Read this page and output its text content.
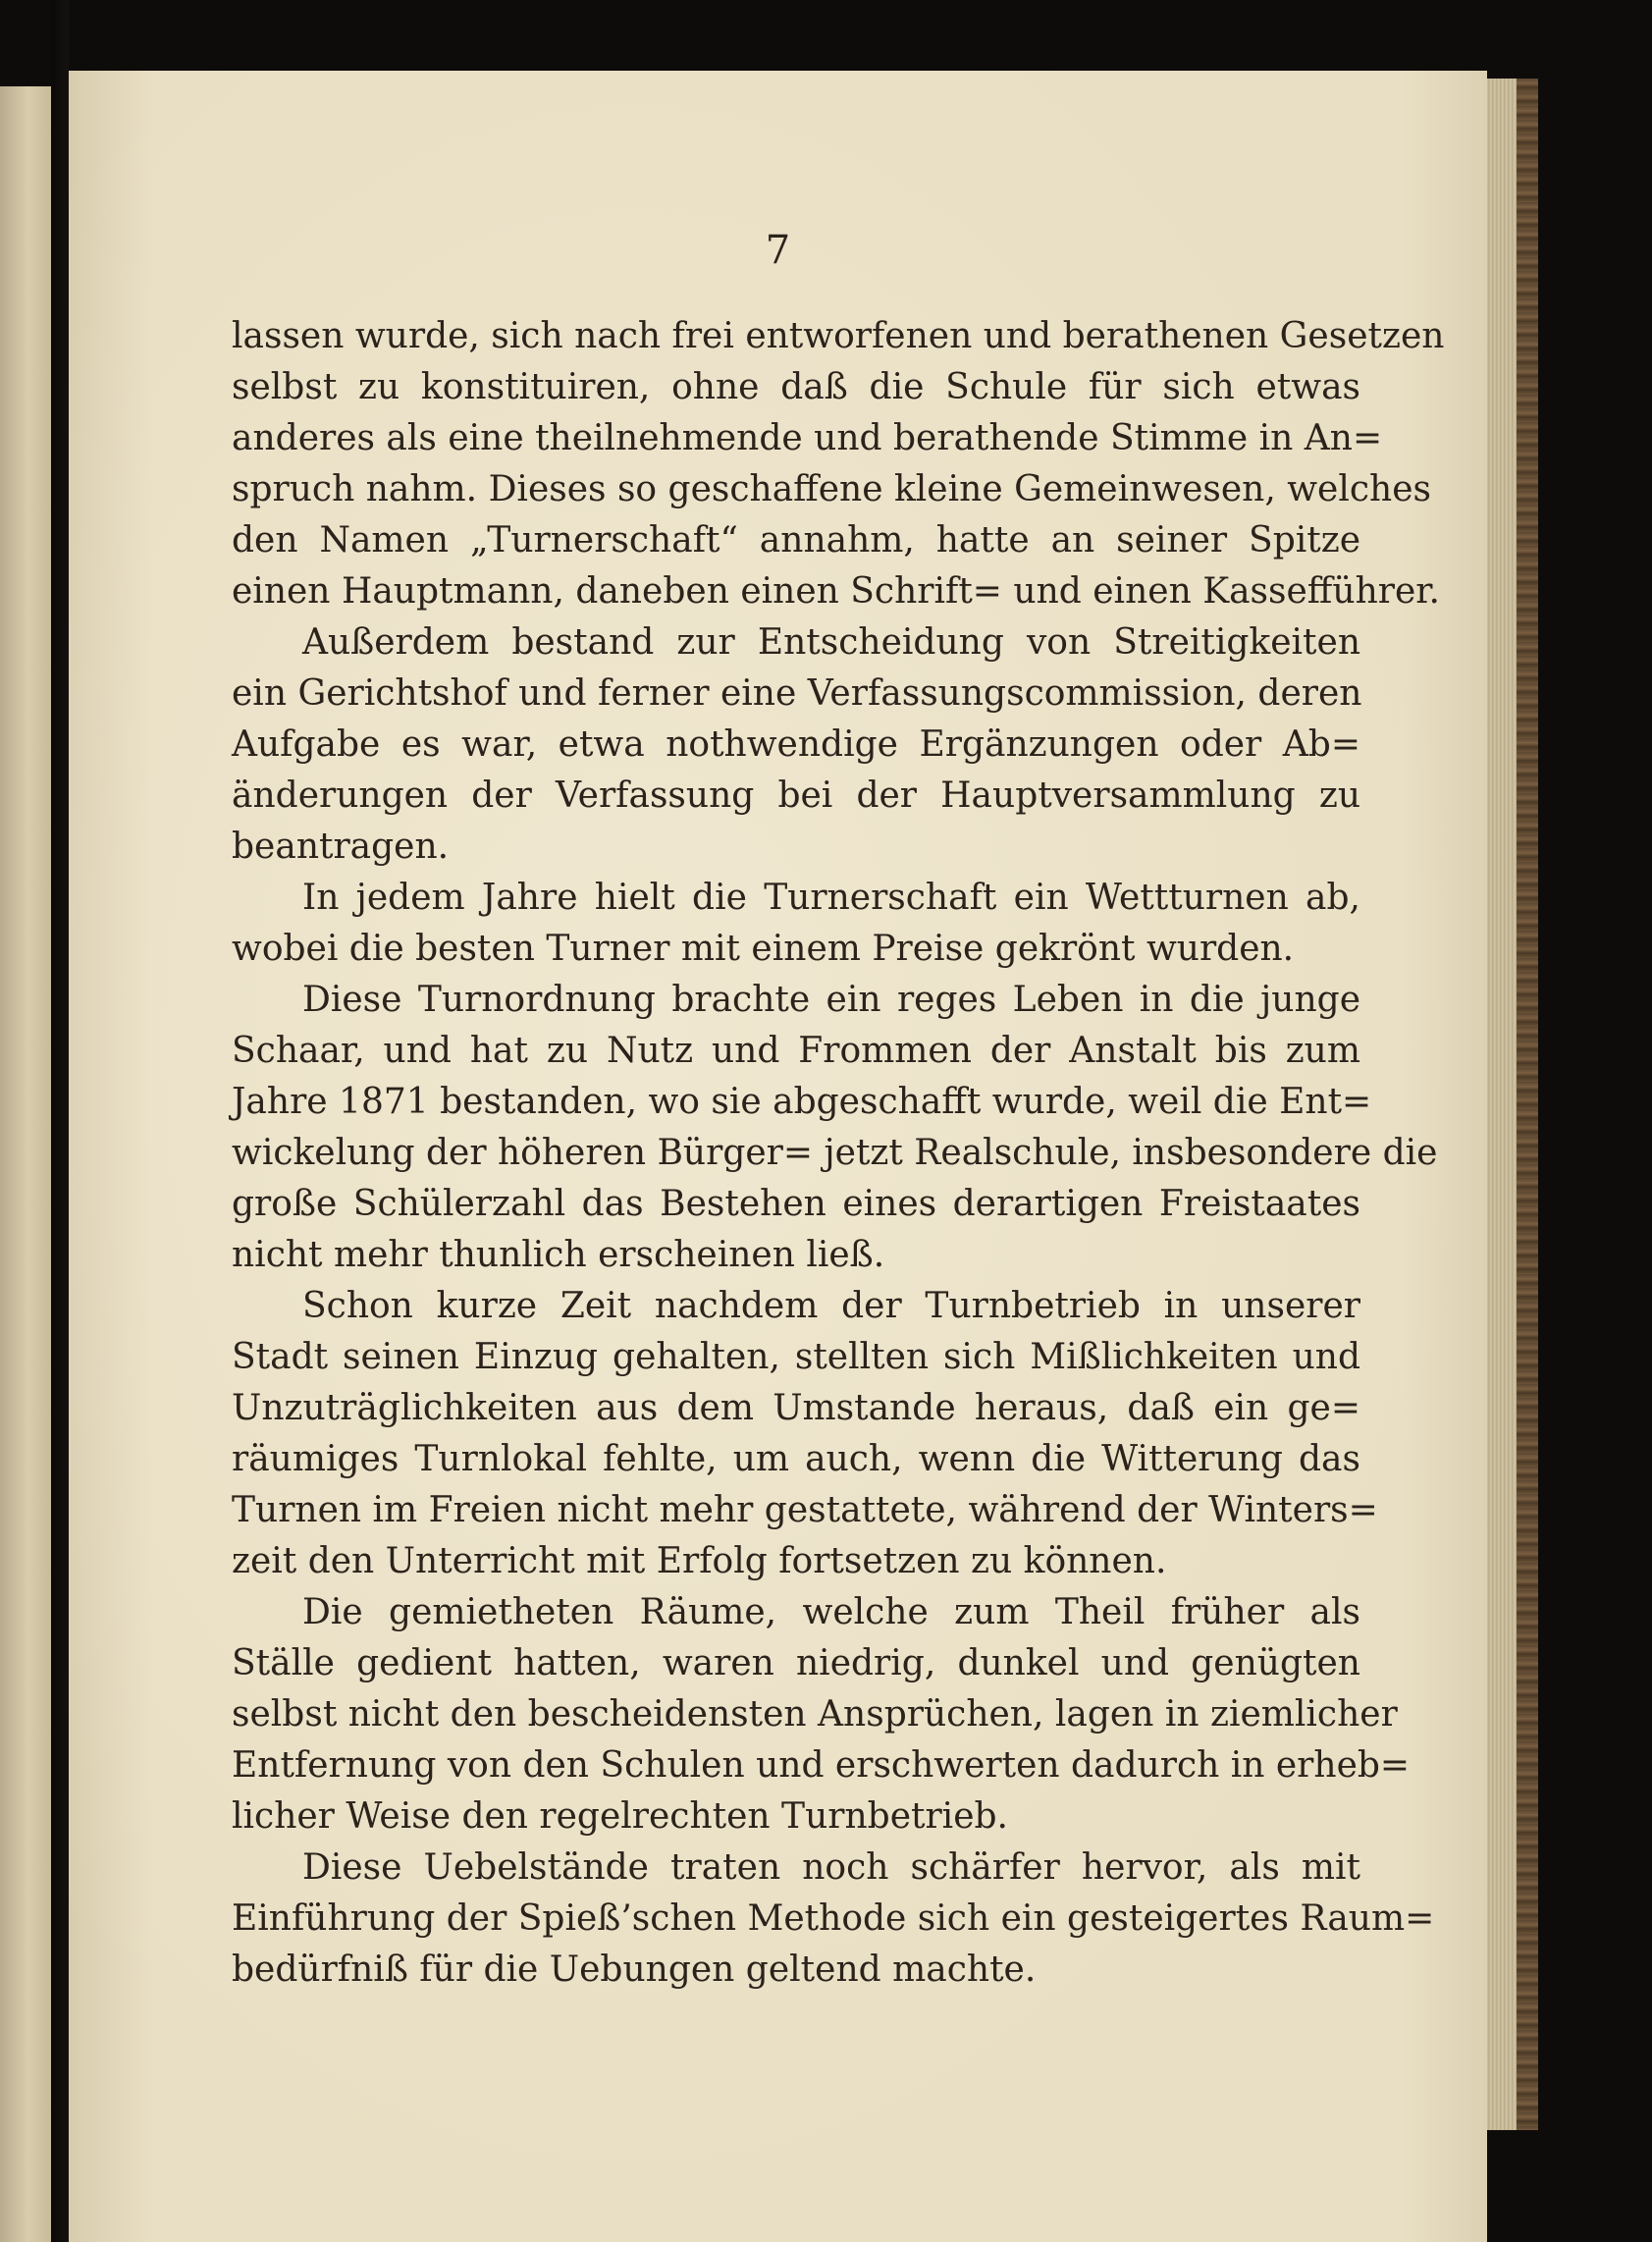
7
lassen wurde, sich nach frei entworfenen und berathenen Gesetzen
selbst zu konstituiren, ohne daß die Schule für sich etwas
anderes als eine theilnehmende und berathende Stimme in An=
spruch nahm. Dieses so geschaffene kleine Gemeinwesen, welches
den Namen „Turnerschaft“ annahm, hatte an seiner Spitze
einen Hauptmann, daneben einen Schrift= und einen Kassefführer.
Außerdem bestand zur Entscheidung von Streitigkeiten
ein Gerichtshof und ferner eine Verfassungscommission, deren
Aufgabe es war, etwa nothwendige Ergänzungen oder Ab=
änderungen der Verfassung bei der Hauptversammlung zu
beantragen.
In jedem Jahre hielt die Turnerschaft ein Wettturnen ab,
wobei die besten Turner mit einem Preise gekrönt wurden.
Diese Turnordnung brachte ein reges Leben in die junge
Schaar, und hat zu Nutz und Frommen der Anstalt bis zum
Jahre 1871 bestanden, wo sie abgeschafft wurde, weil die Ent=
wickelung der höheren Bürger= jetzt Realschule, insbesondere die
große Schülerzahl das Bestehen eines derartigen Freistaates
nicht mehr thunlich erscheinen ließ.
Schon kurze Zeit nachdem der Turnbetrieb in unserer
Stadt seinen Einzug gehalten, stellten sich Mißlichkeiten und
Unzuträglichkeiten aus dem Umstande heraus, daß ein ge=
räumiges Turnlokal fehlte, um auch, wenn die Witterung das
Turnen im Freien nicht mehr gestattete, während der Winters=
zeit den Unterricht mit Erfolg fortsetzen zu können.
Die gemietheten Räume, welche zum Theil früher als
Ställe gedient hatten, waren niedrig, dunkel und genügten
selbst nicht den bescheidensten Ansprüchen, lagen in ziemlicher
Entfernung von den Schulen und erschwerten dadurch in erheb=
licher Weise den regelrechten Turnbetrieb.
Diese Uebelstände traten noch schärfer hervor, als mit
Einführung der Spieß’schen Methode sich ein gesteigertes Raum=
bedürfniß für die Uebungen geltend machte.
